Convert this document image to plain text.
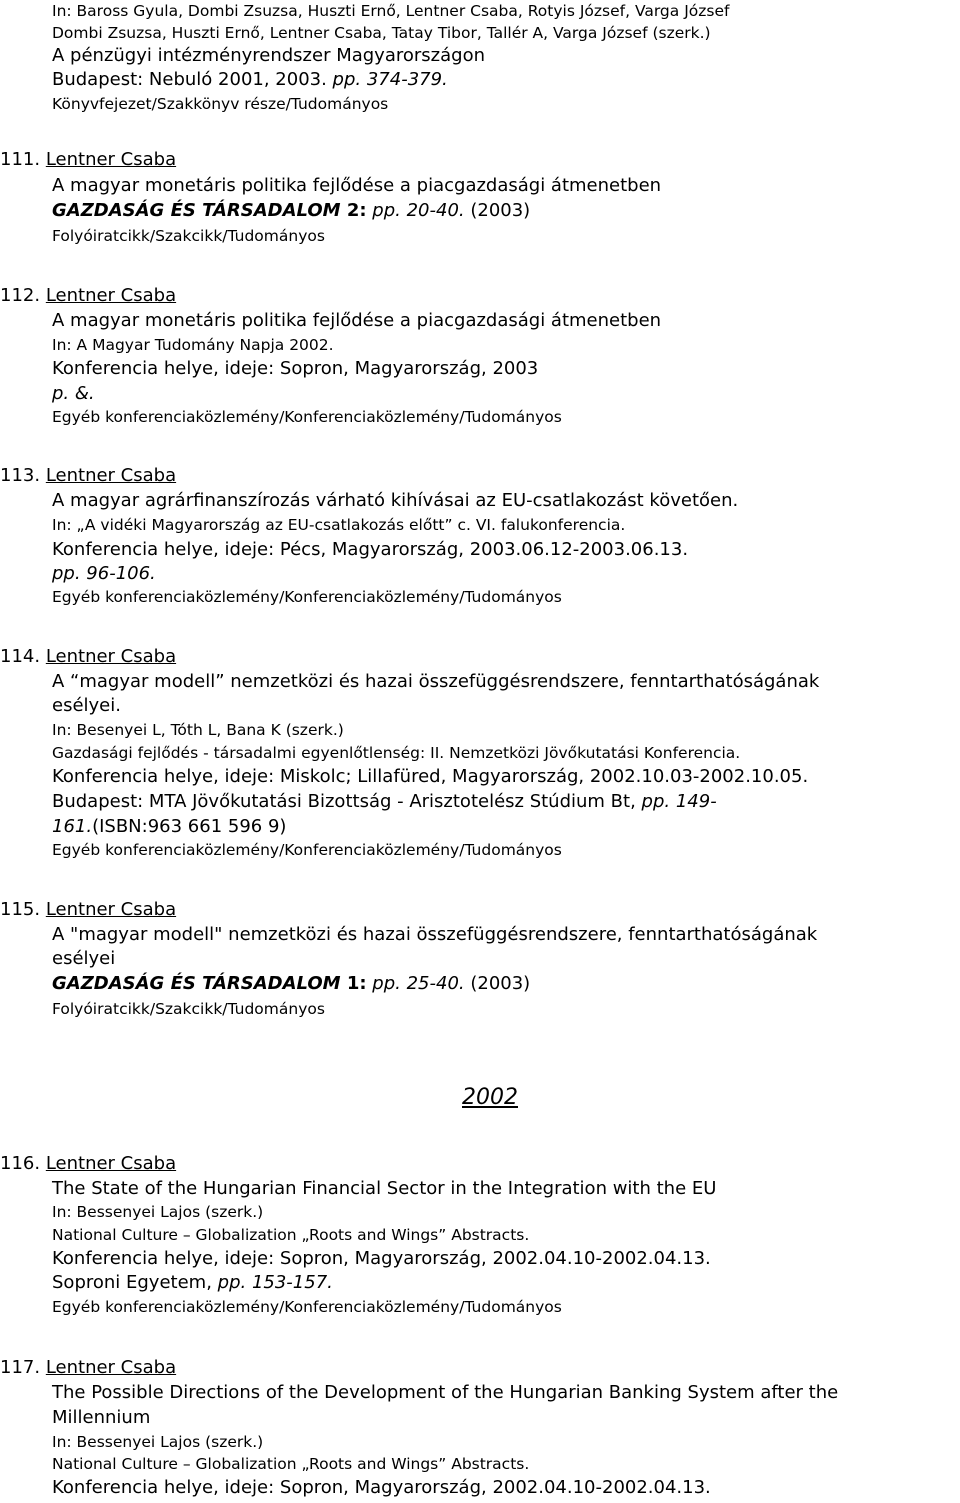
In: Baross Gyula, Dombi Zsuzsa, Huszti Ernő, Lentner Csaba, Rotyis József, Varga József
Dombi Zsuzsa, Huszti Ernő, Lentner Csaba, Tatay Tibor, Tallér A, Varga József (szerk.)
A pénzügyi intézményrendszer Magyarországon
Budapest: Nebuló 2001, 2003. pp. 374-379.
Könyvfejezet/Szakkönyv része/Tudományos
111. Lentner Csaba
A magyar monetáris politika fejlődése a piacgazdasági átmenetben
GAZDASÁG ÉS TÁRSADALOM 2: pp. 20-40. (2003)
Folyóiratcikk/Szakcikk/Tudományos
112. Lentner Csaba
A magyar monetáris politika fejlődése a piacgazdasági átmenetben
In: A Magyar Tudomány Napja 2002.
Konferencia helye, ideje: Sopron, Magyarország, 2003
p. &.
Egyéb konferenciaközlemény/Konferenciaközlemény/Tudományos
113. Lentner Csaba
A magyar agrárfinanszírozás várható kihívásai az EU-csatlakozást követően.
In: „A vidéki Magyarország az EU-csatlakozás előtt” c. VI. falukonferencia.
Konferencia helye, ideje: Pécs, Magyarország, 2003.06.12-2003.06.13.
pp. 96-106.
Egyéb konferenciaközlemény/Konferenciaközlemény/Tudományos
114. Lentner Csaba
A “magyar modell” nemzetközi és hazai összefüggésrendszere, fenntarthatóságának
esélyei.
In: Besenyei L, Tóth L, Bana K (szerk.)
Gazdasági fejlődés - társadalmi egyenlőtlenség: II. Nemzetközi Jövőkutatási Konferencia.
Konferencia helye, ideje: Miskolc; Lillafüred, Magyarország, 2002.10.03-2002.10.05.
Budapest: MTA Jövőkutatási Bizottság - Arisztotelész Stúdium Bt, pp. 149-
161.(ISBN:963 661 596 9)
Egyéb konferenciaközlemény/Konferenciaközlemény/Tudományos
115. Lentner Csaba
A "magyar modell" nemzetközi és hazai összefüggésrendszere, fenntarthatóságának
esélyei
GAZDASÁG ÉS TÁRSADALOM 1: pp. 25-40. (2003)
Folyóiratcikk/Szakcikk/Tudományos
2002
116. Lentner Csaba
The State of the Hungarian Financial Sector in the Integration with the EU
In: Bessenyei Lajos (szerk.)
National Culture – Globalization „Roots and Wings” Abstracts.
Konferencia helye, ideje: Sopron, Magyarország, 2002.04.10-2002.04.13.
Soproni Egyetem, pp. 153-157.
Egyéb konferenciaközlemény/Konferenciaközlemény/Tudományos
117. Lentner Csaba
The Possible Directions of the Development of the Hungarian Banking System after the
Millennium
In: Bessenyei Lajos (szerk.)
National Culture – Globalization „Roots and Wings” Abstracts.
Konferencia helye, ideje: Sopron, Magyarország, 2002.04.10-2002.04.13.
